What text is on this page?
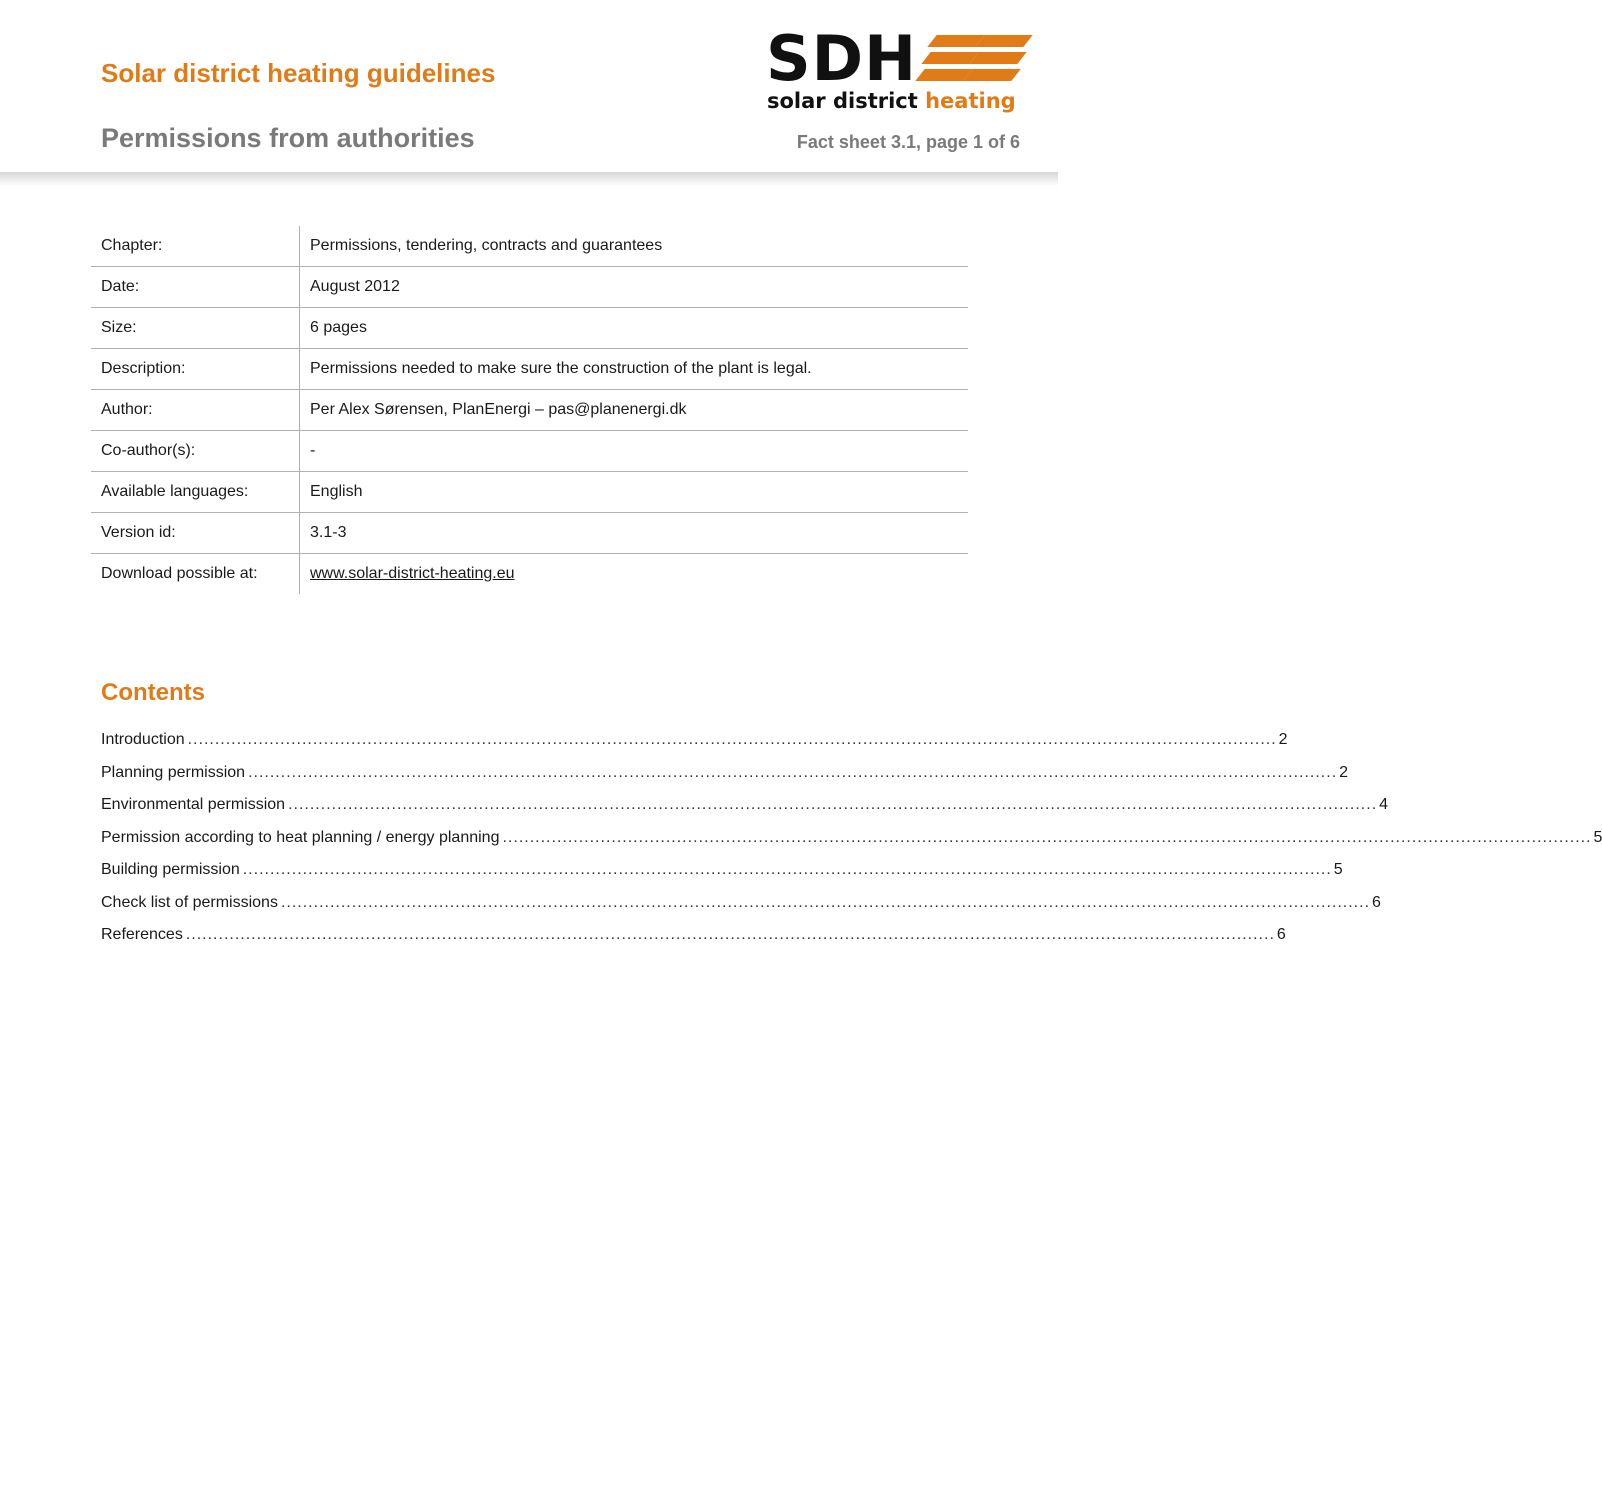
Solar district heating guidelines
Permissions from authorities	Fact sheet 3.1, page 1 of 6
SDH
solar district heating
Chapter:	Permissions, tendering, contracts and guarantees
Date:	August 2012
Size:	6 pages
Description:	Permissions needed to make sure the construction of the plant is legal.
Author:	Per Alex Sørensen, PlanEnergi – pas@planenergi.dk
Co-author(s):	-
Available languages:	English
Version id:	3.1-3
Download possible at:	www.solar-district-heating.eu
Contents
Introduction ........................................................................................................................................................................................................ 2
Planning permission ........................................................................................................................................................................................................ 2
Environmental permission ........................................................................................................................................................................................................ 4
Permission according to heat planning / energy planning ........................................................................................................................................................................................................ 5
Building permission ........................................................................................................................................................................................................ 5
Check list of permissions ........................................................................................................................................................................................................ 6
References ........................................................................................................................................................................................................ 6
